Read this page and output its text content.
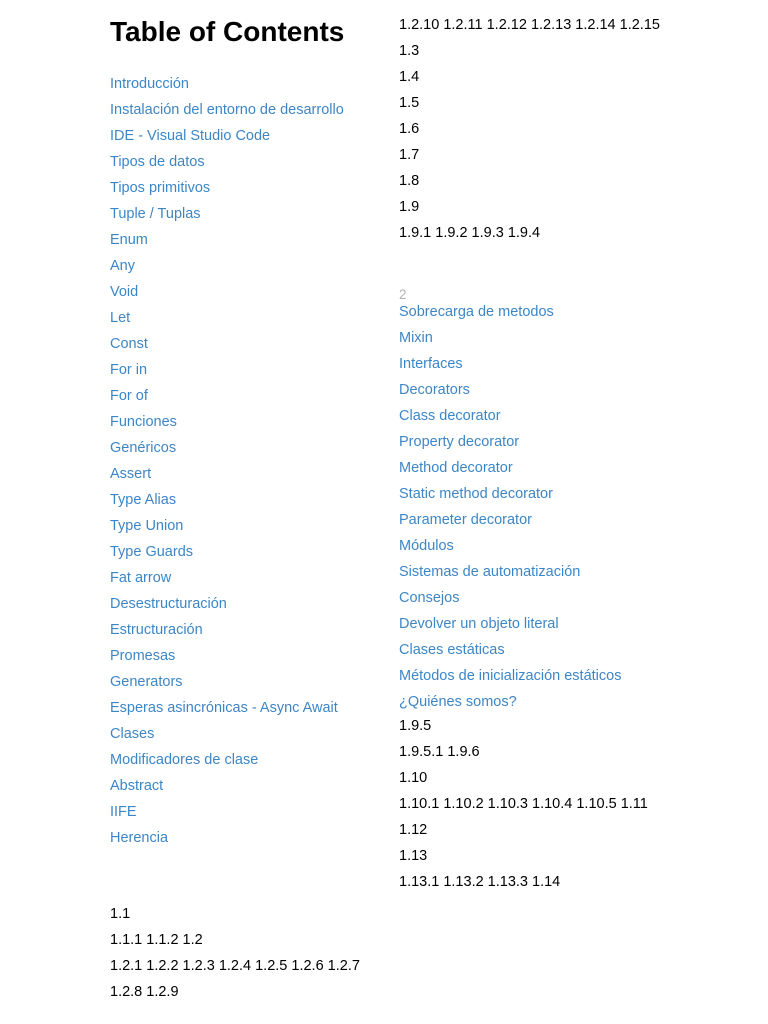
Table of Contents
Introducción
Instalación del entorno de desarrollo
IDE - Visual Studio Code
Tipos de datos
Tipos primitivos
Tuple / Tuplas
Enum
Any
Void
Let
Const
For in
For of
Funciones
Genéricos
Assert
Type Alias
Type Union
Type Guards
Fat arrow
Desestructuración
Estructuración
Promesas
Generators
Esperas asincrónicas - Async Await
Clases
Modificadores de clase
Abstract
IIFE
Herencia
1.1
1.1.1 1.1.2 1.2
1.2.1 1.2.2 1.2.3 1.2.4 1.2.5 1.2.6 1.2.7
1.2.8 1.2.9
1.2.10 1.2.11 1.2.12 1.2.13 1.2.14 1.2.15
1.3
1.4
1.5
1.6
1.7
1.8
1.9
1.9.1 1.9.2 1.9.3 1.9.4
2
Sobrecarga de metodos
Mixin
Interfaces
Decorators
Class decorator
Property decorator
Method decorator
Static method decorator
Parameter decorator
Módulos
Sistemas de automatización
Consejos
Devolver un objeto literal
Clases estáticas
Métodos de inicialización estáticos
¿Quiénes somos?
1.9.5
1.9.5.1 1.9.6
1.10
1.10.1 1.10.2 1.10.3 1.10.4 1.10.5 1.11
1.12
1.13
1.13.1 1.13.2 1.13.3 1.14
